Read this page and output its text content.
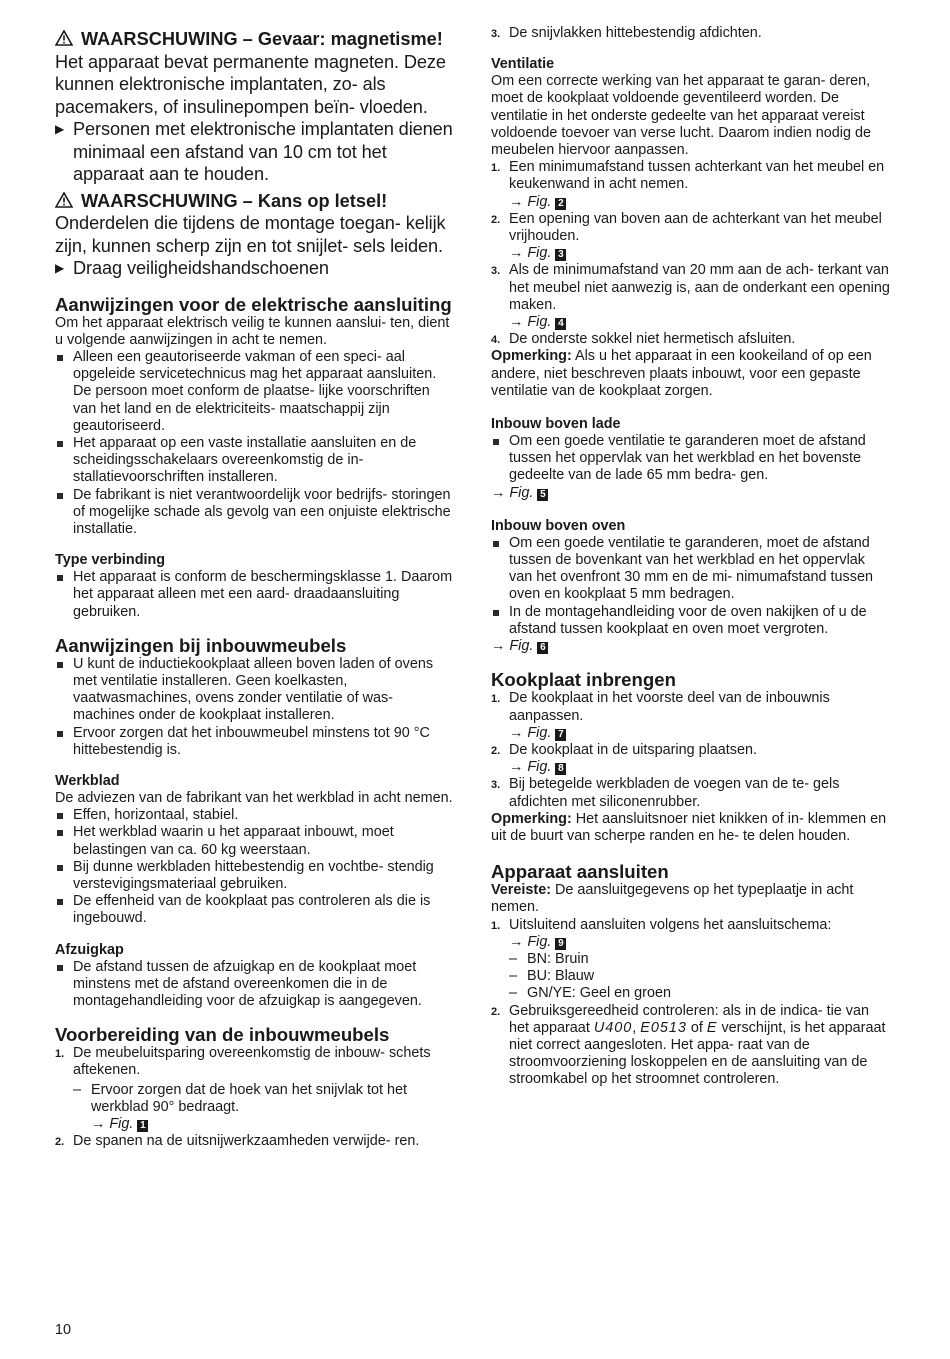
WAARSCHUWING – Gevaar: magnetisme!

Het apparaat bevat permanente magneten. Deze kunnen elektronische implantaten, zo- als pacemakers, of insulinepompen beïn- vloeden.

▶ Personen met elektronische implantaten dienen minimaal een afstand van 10 cm tot het apparaat aan te houden.

WAARSCHUWING – Kans op letsel!

Onderdelen die tijdens de montage toegan- kelijk zijn, kunnen scherp zijn en tot snijlet- sels leiden.

▶ Draag veiligheidshandschoenen

Aanwijzingen voor de elektrische aansluiting

Om het apparaat elektrisch veilig te kunnen aanslui- ten, dient u volgende aanwijzingen in acht te nemen.

Alleen een geautoriseerde vakman of een speci- aal opgeleide servicetechnicus mag het apparaat aansluiten. De persoon moet conform de plaatse- lijke voorschriften van het land en de elektriciteits- maatschappij zijn geautoriseerd.
Het apparaat op een vaste installatie aansluiten en de scheidingsschakelaars overeenkomstig de in- stallatievoorschriften installeren.
De fabrikant is niet verantwoordelijk voor bedrijfs- storingen of mogelijke schade als gevolg van een onjuiste elektrische installatie.

Type verbinding

Het apparaat is conform de beschermingsklasse 1. Daarom het apparaat alleen met een aard- draadaansluiting gebruiken.

Aanwijzingen bij inbouwmeubels

U kunt de inductiekookplaat alleen boven laden of ovens met ventilatie installeren. Geen koelkasten, vaatwasmachines, ovens zonder ventilatie of was- machines onder de kookplaat installeren.
Ervoor zorgen dat het inbouwmeubel minstens tot 90 °C hittebestendig is.

Werkblad

De adviezen van de fabrikant van het werkblad in acht nemen.

Effen, horizontaal, stabiel.
Het werkblad waarin u het apparaat inbouwt, moet belastingen van ca. 60 kg weerstaan.
Bij dunne werkbladen hittebestendig en vochtbe- stendig verstevigingsmateriaal gebruiken.
De effenheid van de kookplaat pas controleren als die is ingebouwd.

Afzuigkap

De afstand tussen de afzuigkap en de kookplaat moet minstens met de afstand overeenkomen die in de montagehandleiding voor de afzuigkap is aangegeven.

Voorbereiding van de inbouwmeubels

1. De meubeluitsparing overeenkomstig de inbouw- schets aftekenen.
– Ervoor zorgen dat de hoek van het snijvlak tot het werkblad 90° bedraagt.
→ Fig. 1
2. De spanen na de uitsnijwerkzaamheden verwijde- ren.
10
3. De snijvlakken hittebestendig afdichten.

Ventilatie

Om een correcte werking van het apparaat te garan- deren, moet de kookplaat voldoende geventileerd worden. De ventilatie in het onderste gedeelte van het apparaat vereist voldoende toevoer van verse lucht. Daarom indien nodig de meubelen hiervoor aanpassen.

1. Een minimumafstand tussen achterkant van het meubel en keukenwand in acht nemen.
→ Fig. 2
2. Een opening van boven aan de achterkant van het meubel vrijhouden.
→ Fig. 3
3. Als de minimumafstand van 20 mm aan de ach- terkant van het meubel niet aanwezig is, aan de onderkant een opening maken.
→ Fig. 4
4. De onderste sokkel niet hermetisch afsluiten.

Opmerking: Als u het apparaat in een kookeiland of op een andere, niet beschreven plaats inbouwt, voor een gepaste ventilatie van de kookplaat zorgen.

Inbouw boven lade

Om een goede ventilatie te garanderen moet de afstand tussen het oppervlak van het werkblad en het bovenste gedeelte van de lade 65 mm bedra- gen.
→ Fig. 5

Inbouw boven oven

Om een goede ventilatie te garanderen, moet de afstand tussen de bovenkant van het werkblad en het oppervlak van het ovenfront 30 mm en de mi- nimumafstand tussen oven en kookplaat 5 mm bedragen.
In de montagehandleiding voor de oven nakijken of u de afstand tussen kookplaat en oven moet vergroten.
→ Fig. 6

Kookplaat inbrengen

1. De kookplaat in het voorste deel van de inbouwnis aanpassen.
→ Fig. 7
2. De kookplaat in de uitsparing plaatsen.
→ Fig. 8
3. Bij betegelde werkbladen de voegen van de te- gels afdichten met siliconenrubber.

Opmerking: Het aansluitsnoer niet knikken of in- klemmen en uit de buurt van scherpe randen en he- te delen houden.

Apparaat aansluiten

Vereiste: De aansluitgegevens op het typeplaatje in acht nemen.

1. Uitsluitend aansluiten volgens het aansluitschema:
→ Fig. 9
– BN: Bruin
– BU: Blauw
– GN/YE: Geel en groen
2. Gebruiksgereedheid controleren: als in de indica- tie van het apparaat U400, E0513 of E verschijnt, is het apparaat niet correct aangesloten. Het appa- raat van de stroomvoorziening loskoppelen en de aansluiting van de stroomkabel op het stroomnet controleren.
